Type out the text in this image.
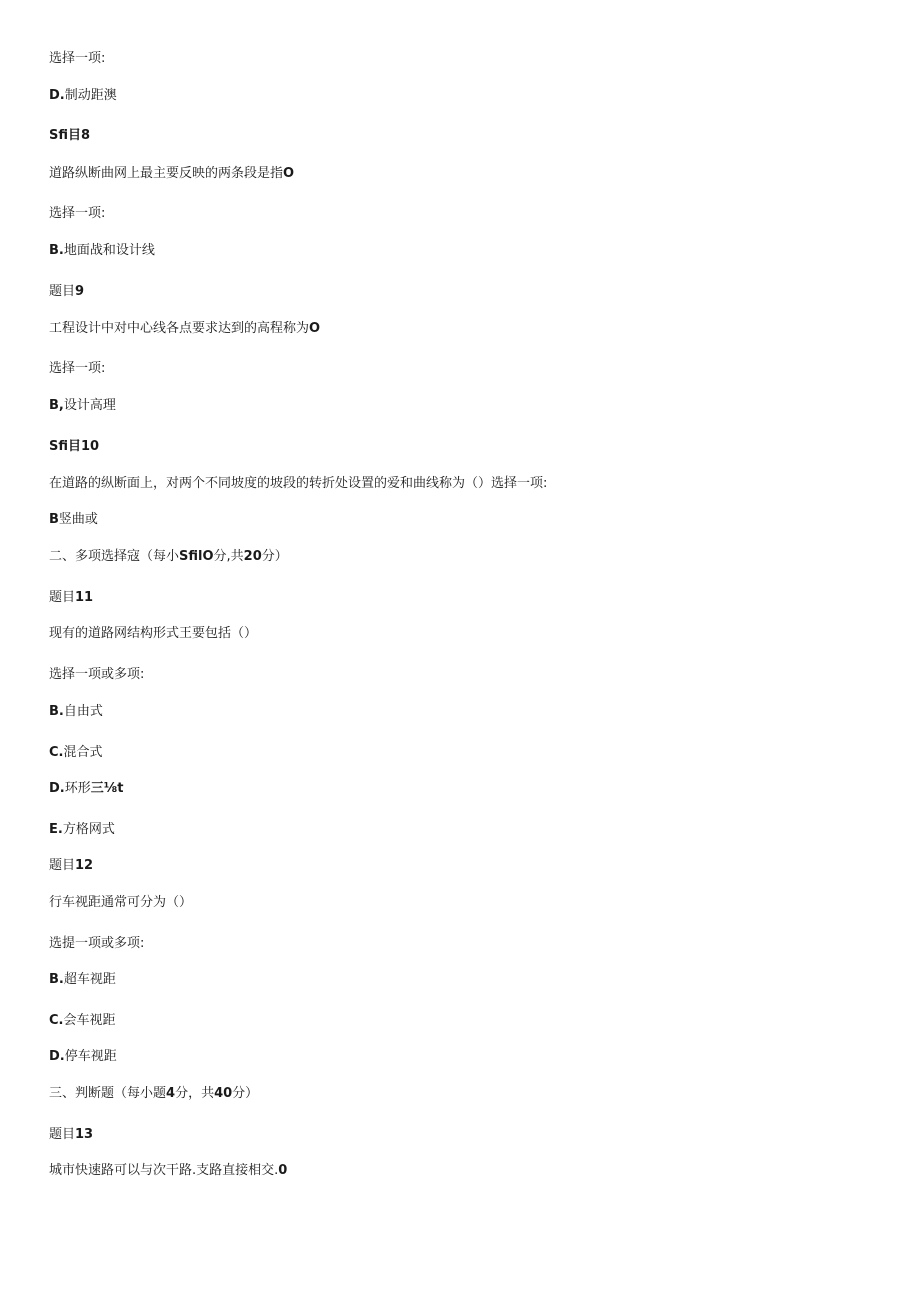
选择一项:
D.制动距澳
Sfi目8
道路纵断曲网上最主要反映的两条段是指O
选择一项:
B.地面战和设计线
题目9
工程设计中对中心线各点要求达到的高程称为O
选择一项:
B,设计高理
Sfi目10
在道路的纵断面上，对两个不同坡度的坡段的转折处设置的爱和曲线称为（）选择一项:
B竖曲或
二、多项选择寇（每小SfilO分,共20分）
题目11
现有的道路网结构形式王要包括（）
选择一项或多项:
B.自由式
C.混合式
D.环形三⅛t
E.方格网式
题目12
行车视距通常可分为（）
选提一项或多项:
B.超车视距
C.会车视距
D.停车视距
三、判断题（每小题4分，共40分）
题目13
城市快速路可以与次干路.支路直接相交.0
